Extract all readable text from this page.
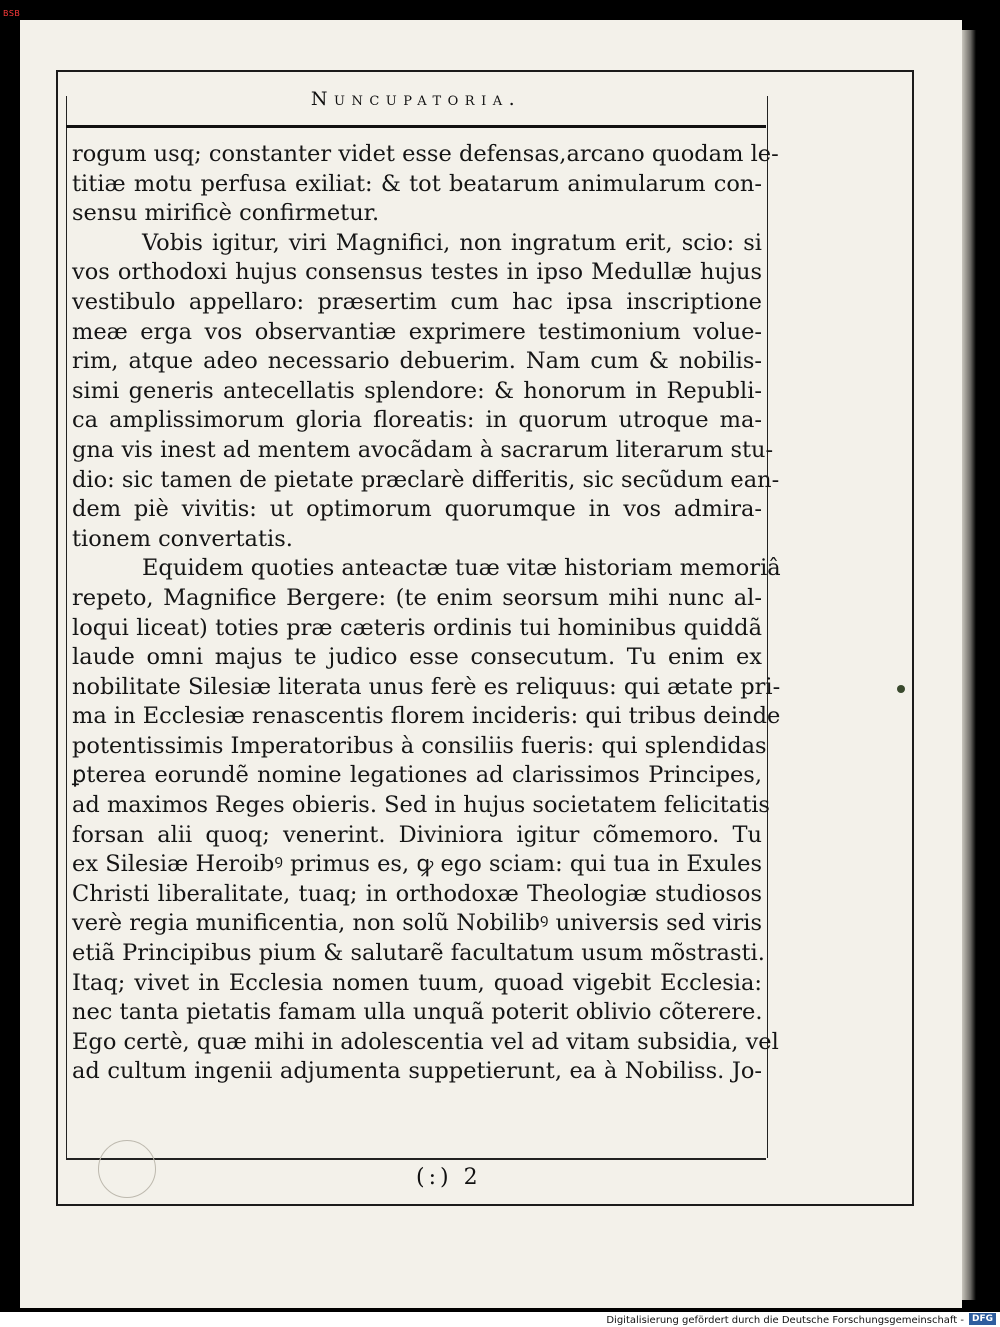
BSB
Nuncupatoria.
rogum usq; constanter videt esse defensas,arcano quodam le-
titiæ motu perfusa exiliat: & tot beatarum animularum con-
sensu mirificè confirmetur.
Vobis igitur, viri Magnifici, non ingratum erit, scio: si
vos orthodoxi hujus consensus testes in ipso Medullæ hujus
vestibulo appellaro: præsertim cum hac ipsa inscriptione
meæ erga vos observantiæ exprimere testimonium volue-
rim, atque adeo necessario debuerim. Nam cum & nobilis-
simi generis antecellatis splendore: & honorum in Republi-
ca amplissimorum gloria floreatis: in quorum utroque ma-
gna vis inest ad mentem avocãdam à sacrarum literarum stu-
dio: sic tamen de pietate præclarè differitis, sic secũdum ean-
dem piè vivitis: ut optimorum quorumque in vos admira-
tionem convertatis.
Equidem quoties anteactæ tuæ vitæ historiam memoriâ
repeto, Magnifice Bergere: (te enim seorsum mihi nunc al-
loqui liceat) toties præ cæteris ordinis tui hominibus quiddã
laude omni majus te judico esse consecutum. Tu enim ex
nobilitate Silesiæ literata unus ferè es reliquus: qui ætate pri-
ma in Ecclesiæ renascentis florem incideris: qui tribus deinde
potentissimis Imperatoribus à consiliis fueris: qui splendidas
ꝑterea eorundẽ nomine legationes ad clarissimos Principes,
ad maximos Reges obieris. Sed in hujus societatem felicitatis
forsan alii quoq; venerint. Diviniora igitur cõmemoro. Tu
ex Silesiæ Heroibꝰ primus es, ꝙ ego sciam: qui tua in Exules
Christi liberalitate, tuaq; in orthodoxæ Theologiæ studiosos
verè regia munificentia, non solũ Nobilibꝰ universis sed viris
etiã Principibus pium & salutarẽ facultatum usum mõstrasti.
Itaq; vivet in Ecclesia nomen tuum, quoad vigebit Ecclesia:
nec tanta pietatis famam ulla unquã poterit oblivio cõterere.
Ego certè, quæ mihi in adolescentia vel ad vitam subsidia, vel
ad cultum ingenii adjumenta suppetierunt, ea à Nobiliss. Jo-
(:) 2
Digitalisierung gefördert durch die Deutsche Forschungsgemeinschaft - DFG
